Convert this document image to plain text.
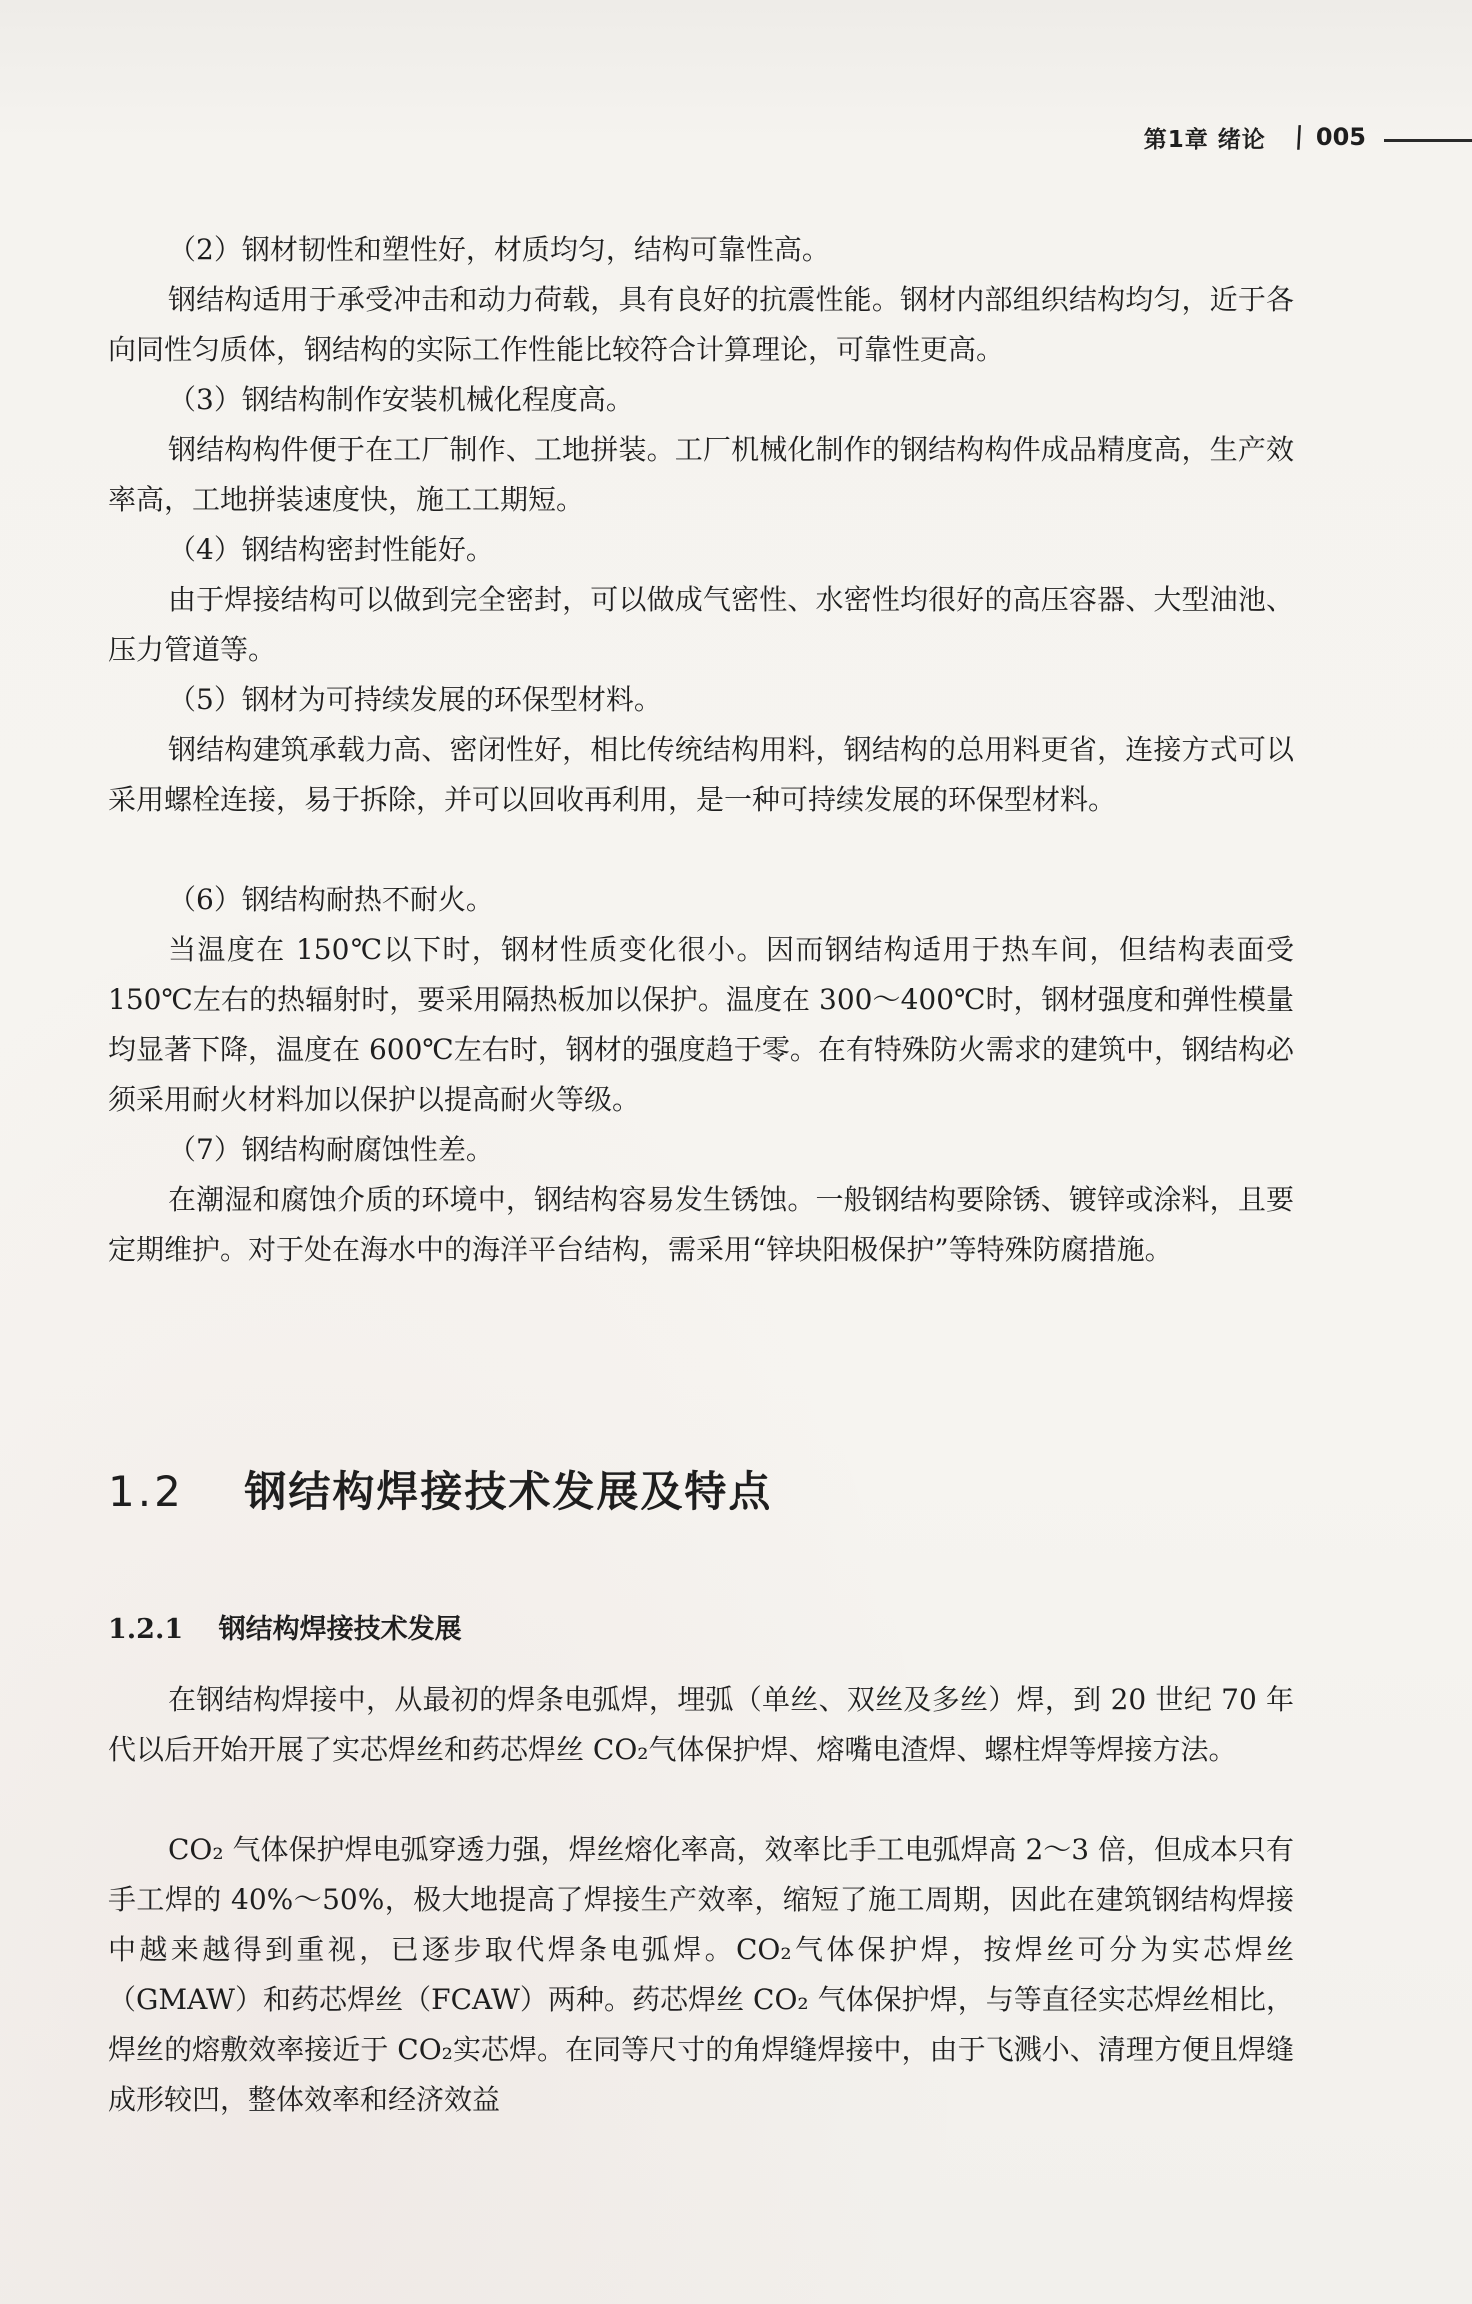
第1章 绪论 \ 005

（2）钢材韧性和塑性好，材质均匀，结构可靠性高。

钢结构适用于承受冲击和动力荷载，具有良好的抗震性能。钢材内部组织结构均匀，近于各向同性匀质体，钢结构的实际工作性能比较符合计算理论，可靠性更高。

（3）钢结构制作安装机械化程度高。

钢结构构件便于在工厂制作、工地拼装。工厂机械化制作的钢结构构件成品精度高，生产效率高，工地拼装速度快，施工工期短。

（4）钢结构密封性能好。

由于焊接结构可以做到完全密封，可以做成气密性、水密性均很好的高压容器、大型油池、压力管道等。

（5）钢材为可持续发展的环保型材料。

钢结构建筑承载力高、密闭性好，相比传统结构用料，钢结构的总用料更省，连接方式可以采用螺栓连接，易于拆除，并可以回收再利用，是一种可持续发展的环保型材料。

（6）钢结构耐热不耐火。

当温度在 150℃以下时，钢材性质变化很小。因而钢结构适用于热车间，但结构表面受 150℃左右的热辐射时，要采用隔热板加以保护。温度在 300～400℃时，钢材强度和弹性模量均显著下降，温度在 600℃左右时，钢材的强度趋于零。在有特殊防火需求的建筑中，钢结构必须采用耐火材料加以保护以提高耐火等级。

（7）钢结构耐腐蚀性差。

在潮湿和腐蚀介质的环境中，钢结构容易发生锈蚀。一般钢结构要除锈、镀锌或涂料，且要定期维护。对于处在海水中的海洋平台结构，需采用“锌块阳极保护”等特殊防腐措施。

1.2 钢结构焊接技术发展及特点
1.2.1 钢结构焊接技术发展

在钢结构焊接中，从最初的焊条电弧焊，埋弧（单丝、双丝及多丝）焊，到 20 世纪 70 年代以后开始开展了实芯焊丝和药芯焊丝 CO₂气体保护焊、熔嘴电渣焊、螺柱焊等焊接方法。

CO₂ 气体保护焊电弧穿透力强，焊丝熔化率高，效率比手工电弧焊高 2～3 倍，但成本只有手工焊的 40%～50%，极大地提高了焊接生产效率，缩短了施工周期，因此在建筑钢结构焊接中越来越得到重视，已逐步取代焊条电弧焊。CO₂气体保护焊，按焊丝可分为实芯焊丝（GMAW）和药芯焊丝（FCAW）两种。药芯焊丝 CO₂ 气体保护焊，与等直径实芯焊丝相比，焊丝的熔敷效率接近于 CO₂实芯焊。在同等尺寸的角焊缝焊接中，由于飞溅小、清理方便且焊缝成形较凹，整体效率和经济效益
